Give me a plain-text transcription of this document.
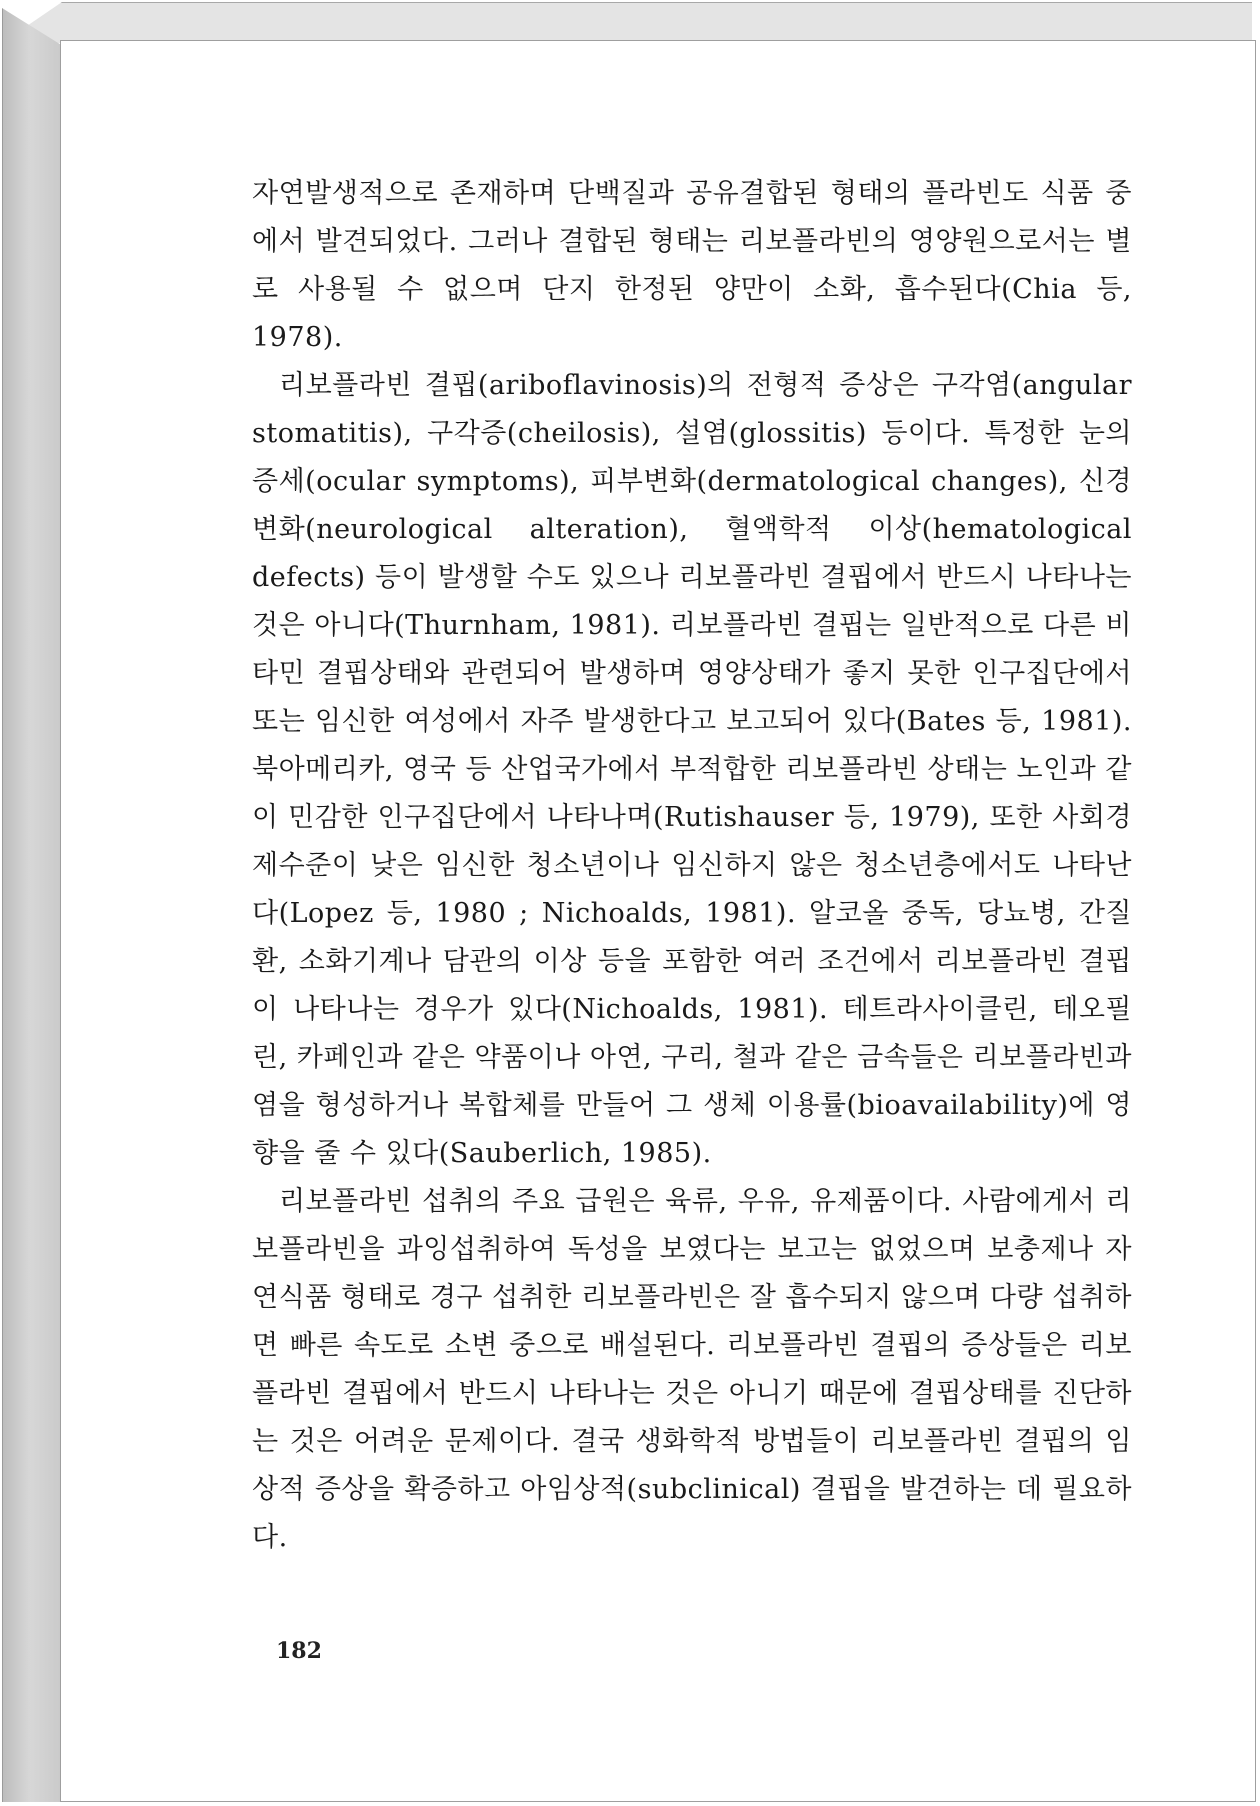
자연발생적으로 존재하며 단백질과 공유결합된 형태의 플라빈도 식품 중에서 발견되었다. 그러나 결합된 형태는 리보플라빈의 영양원으로서는 별로 사용될 수 없으며 단지 한정된 양만이 소화, 흡수된다(Chia 등, 1978).

리보플라빈 결핍(ariboflavinosis)의 전형적 증상은 구각염(angular stomatitis), 구각증(cheilosis), 설염(glossitis) 등이다. 특정한 눈의 증세(ocular symptoms), 피부변화(dermatological changes), 신경변화(neurological alteration), 혈액학적 이상(hematological defects) 등이 발생할 수도 있으나 리보플라빈 결핍에서 반드시 나타나는 것은 아니다(Thurnham, 1981). 리보플라빈 결핍는 일반적으로 다른 비타민 결핍상태와 관련되어 발생하며 영양상태가 좋지 못한 인구집단에서 또는 임신한 여성에서 자주 발생한다고 보고되어 있다(Bates 등, 1981). 북아메리카, 영국 등 산업국가에서 부적합한 리보플라빈 상태는 노인과 같이 민감한 인구집단에서 나타나며(Rutishauser 등, 1979), 또한 사회경제수준이 낮은 임신한 청소년이나 임신하지 않은 청소년층에서도 나타난다(Lopez 등, 1980 ; Nichoalds, 1981). 알코올 중독, 당뇨병, 간질환, 소화기계나 담관의 이상 등을 포함한 여러 조건에서 리보플라빈 결핍이 나타나는 경우가 있다(Nichoalds, 1981). 테트라사이클린, 테오필린, 카페인과 같은 약품이나 아연, 구리, 철과 같은 금속들은 리보플라빈과 염을 형성하거나 복합체를 만들어 그 생체 이용률(bioavailability)에 영향을 줄 수 있다(Sauberlich, 1985).

리보플라빈 섭취의 주요 급원은 육류, 우유, 유제품이다. 사람에게서 리보플라빈을 과잉섭취하여 독성을 보였다는 보고는 없었으며 보충제나 자연식품 형태로 경구 섭취한 리보플라빈은 잘 흡수되지 않으며 다량 섭취하면 빠른 속도로 소변 중으로 배설된다. 리보플라빈 결핍의 증상들은 리보플라빈 결핍에서 반드시 나타나는 것은 아니기 때문에 결핍상태를 진단하는 것은 어려운 문제이다. 결국 생화학적 방법들이 리보플라빈 결핍의 임상적 증상을 확증하고 아임상적(subclinical) 결핍을 발견하는 데 필요하다.

182
